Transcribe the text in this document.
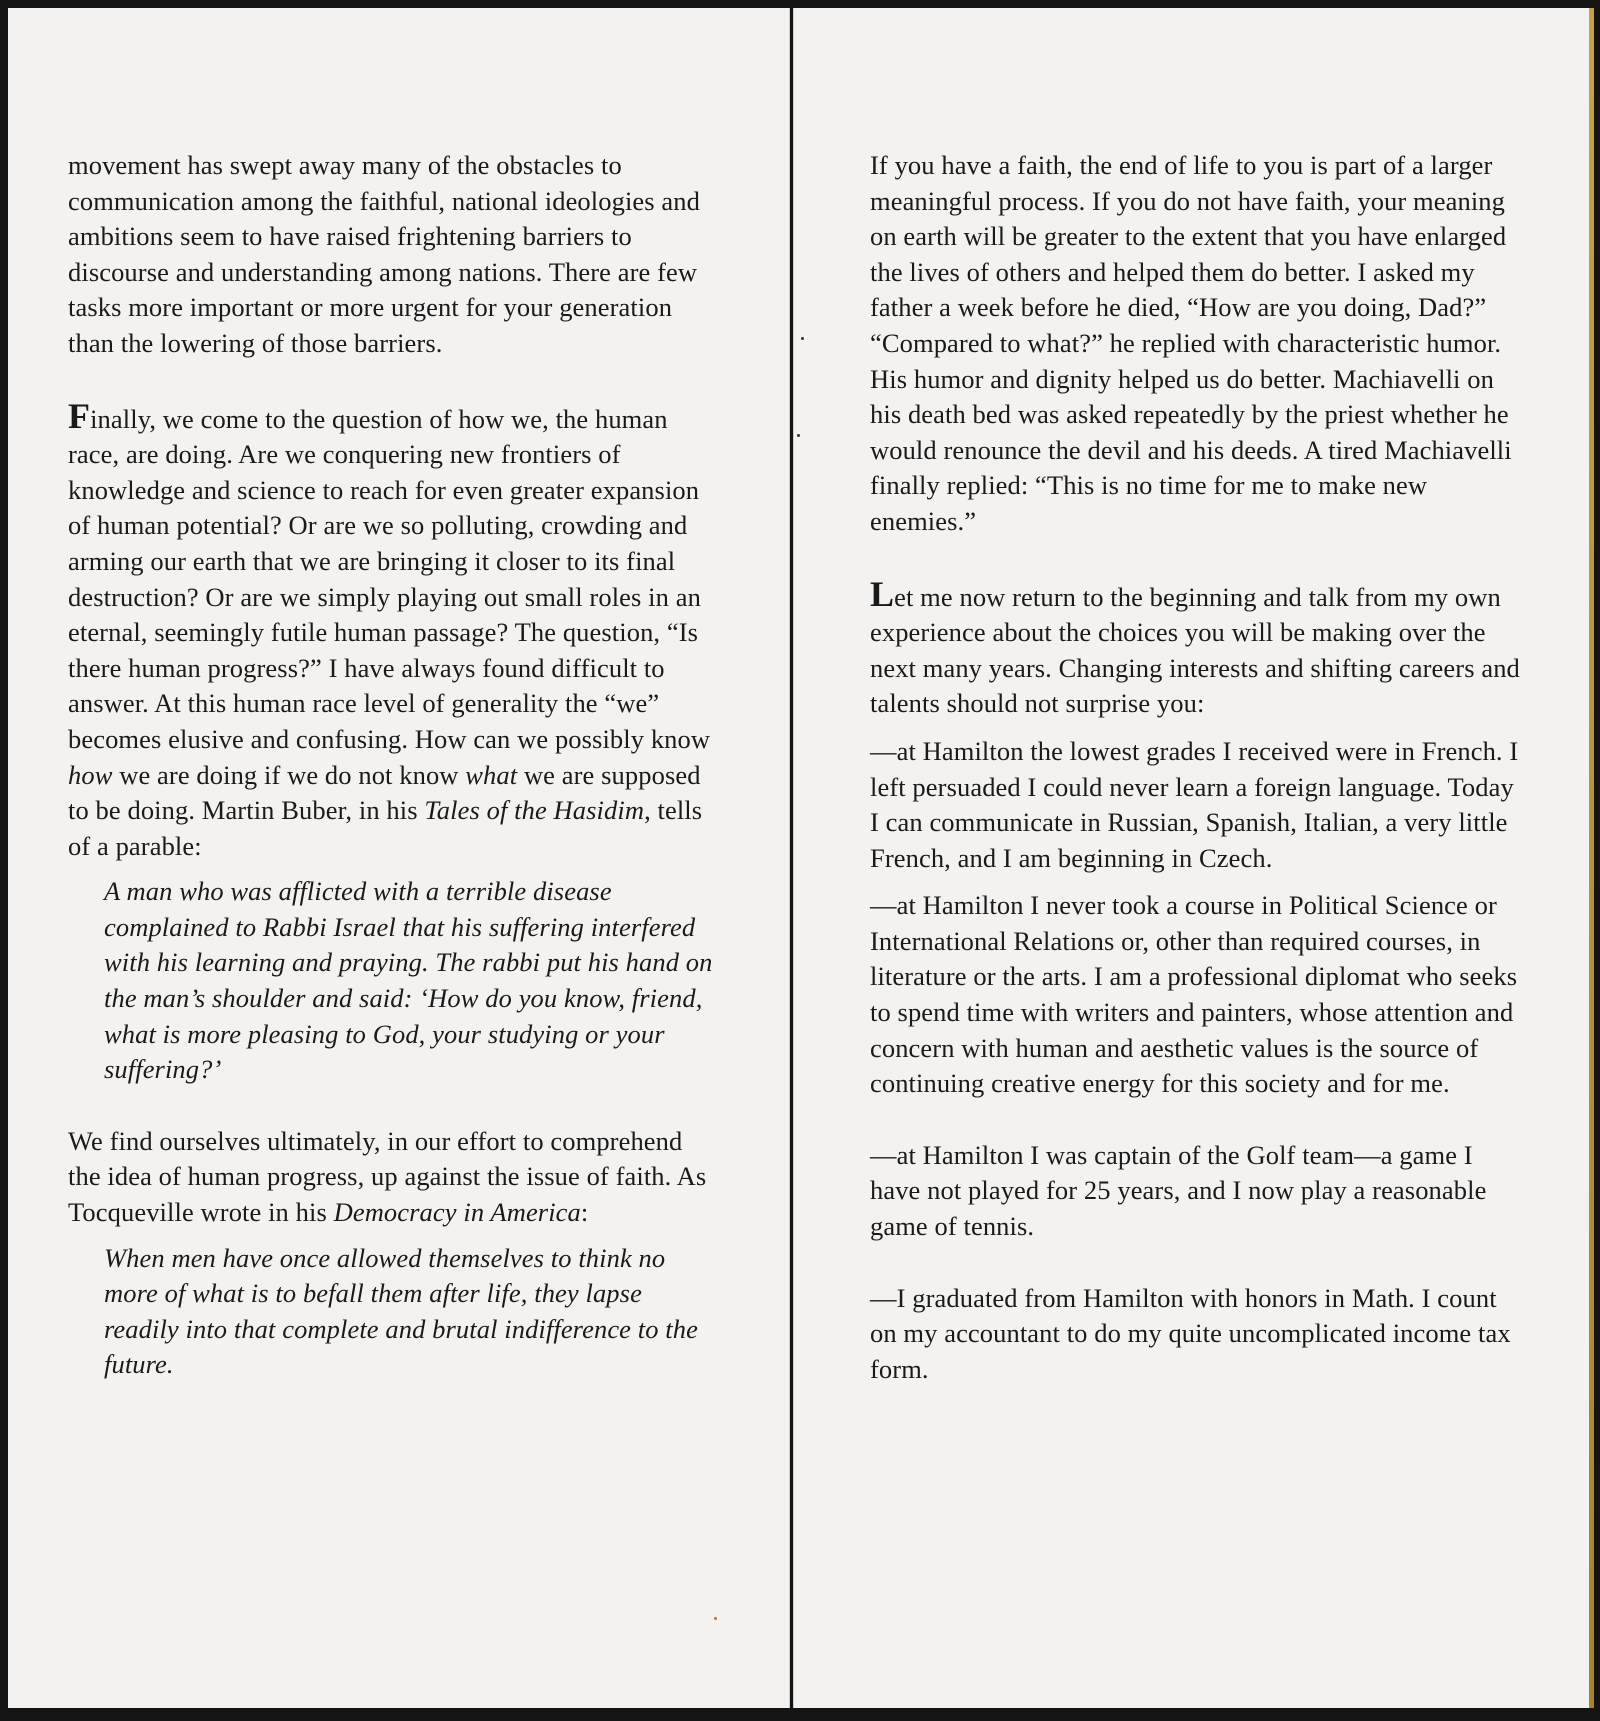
movement has swept away many of the obstacles to communication among the faithful, national ideologies and ambitions seem to have raised frightening barriers to discourse and understanding among nations. There are few tasks more important or more urgent for your generation than the lowering of those barriers.

Finally, we come to the question of how we, the human race, are doing. Are we conquering new frontiers of knowledge and science to reach for even greater expansion of human potential? Or are we so polluting, crowding and arming our earth that we are bringing it closer to its final destruction? Or are we simply playing out small roles in an eternal, seemingly futile human passage? The question, “Is there human progress?” I have always found difficult to answer. At this human race level of generality the “we” becomes elusive and confusing. How can we possibly know how we are doing if we do not know what we are supposed to be doing. Martin Buber, in his Tales of the Hasidim, tells of a parable:

A man who was afflicted with a terrible disease complained to Rabbi Israel that his suffering interfered with his learning and praying. The rabbi put his hand on the man’s shoulder and said: ‘How do you know, friend, what is more pleasing to God, your studying or your suffering?’

We find ourselves ultimately, in our effort to comprehend the idea of human progress, up against the issue of faith. As Tocqueville wrote in his Democracy in America:

When men have once allowed themselves to think no more of what is to befall them after life, they lapse readily into that complete and brutal indifference to the future.

If you have a faith, the end of life to you is part of a larger meaningful process. If you do not have faith, your meaning on earth will be greater to the extent that you have enlarged the lives of others and helped them do better. I asked my father a week before he died, “How are you doing, Dad?” “Compared to what?” he replied with characteristic humor. His humor and dignity helped us do better. Machiavelli on his death bed was asked repeatedly by the priest whether he would renounce the devil and his deeds. A tired Machiavelli finally replied: “This is no time for me to make new enemies.”

Let me now return to the beginning and talk from my own experience about the choices you will be making over the next many years. Changing interests and shifting careers and talents should not surprise you:

—at Hamilton the lowest grades I received were in French. I left persuaded I could never learn a foreign language. Today I can communicate in Russian, Spanish, Italian, a very little French, and I am beginning in Czech.

—at Hamilton I never took a course in Political Science or International Relations or, other than required courses, in literature or the arts. I am a professional diplomat who seeks to spend time with writers and painters, whose attention and concern with human and aesthetic values is the source of continuing creative energy for this society and for me.

—at Hamilton I was captain of the Golf team—a game I have not played for 25 years, and I now play a reasonable game of tennis.

—I graduated from Hamilton with honors in Math. I count on my accountant to do my quite uncomplicated income tax form.
